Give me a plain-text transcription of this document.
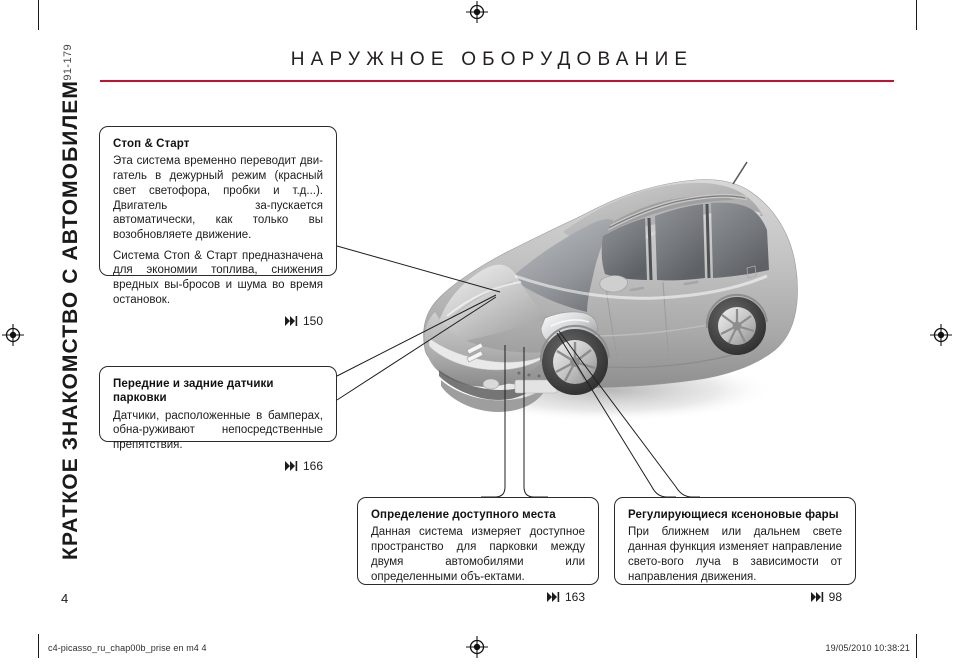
91-179
КРАТКОЕ ЗНАКОМСТВО С АВТОМОБИЛЕМ
4
НАРУЖНОЕ ОБОРУДОВАНИЕ
Стоп & Старт

Эта система временно переводит дви-гатель в дежурный режим (красный свет светофора, пробки и т.д...). Двигатель за-пускается автоматически, как только вы возобновляете движение.

Система Стоп & Старт предназначена для экономии топлива, снижения вредных вы-бросов и шума во время остановок.

150
Передние и задние датчики парковки

Датчики, расположенные в бамперах, обна-руживают непосредственные препятствия.

166
Определение доступного места

Данная система измеряет доступное пространство для парковки между двумя автомобилями или определенными объ-ектами.

163
Регулирующиеся ксеноновые фары

При ближнем или дальнем свете данная функция изменяет направление свето-вого луча в зависимости от направления движения.

98
c4-picasso_ru_chap00b_prise en m4 4	19/05/2010 10:38:21
